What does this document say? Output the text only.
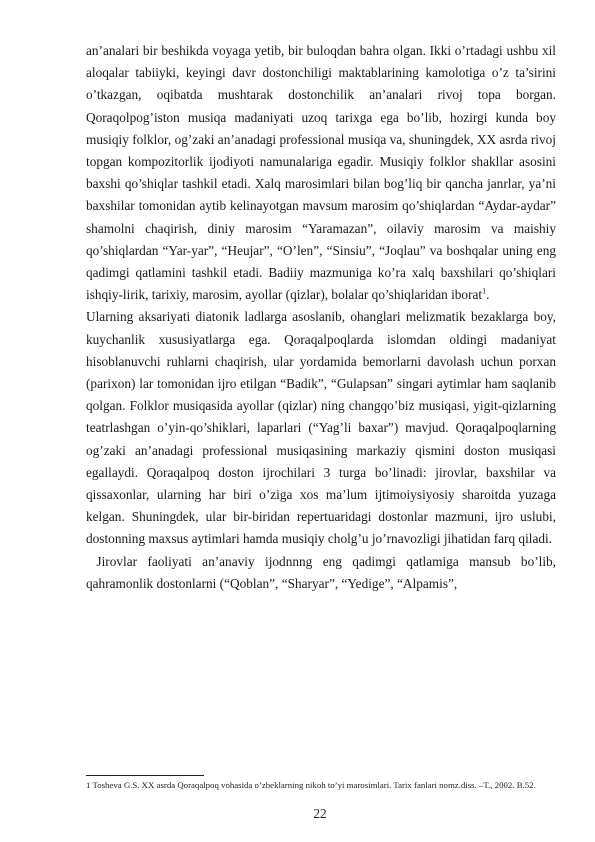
an’analari bir beshikda voyaga yetib, bir buloqdan bahra olgan. Ikki o’rtadagi ushbu xil aloqalar tabiiyki, keyingi davr dostonchiligi maktablarining kamolotiga o’z ta’sirini o’tkazgan, oqibatda mushtarak dostonchilik an’analari rivoj topa borgan. Qoraqolpog’iston musiqa madaniyati uzoq tarixga ega bo’lib, hozirgi kunda boy musiqiy folklor, og’zaki an’anadagi professional musiqa va, shuningdek, XX asrda rivoj topgan kompozitorlik ijodiyoti namunalariga egadir. Musiqiy folklor shakllar asosini baxshi qo’shiqlar tashkil etadi. Xalq marosimlari bilan bog’liq bir qancha janrlar, ya’ni baxshilar tomonidan aytib kelinayotgan mavsum marosim qo’shiqlardan “Aydar-aydar” shamolni chaqirish, diniy marosim “Yaramazan”, oilaviy marosim va maishiy qo’shiqlardan “Yar-yar”, “Heujar”, “O’len”, “Sinsiu”, “Joqlau” va boshqalar uning eng qadimgi qatlamini tashkil etadi. Badiiy mazmuniga ko’ra xalq baxshilari qo’shiqlari ishqiy-lirik, tarixiy, marosim, ayollar (qizlar), bolalar qo’shiqlaridan iborat$^1$.

Ularning aksariyati diatonik ladlarga asoslanib, ohanglari melizmatik bezaklarga boy, kuychanlik xususiyatlarga ega. Qoraqalpoqlarda islomdan oldingi madaniyat hisoblanuvchi ruhlarni chaqirish, ular yordamida bemorlarni davolash uchun porxan (parixon) lar tomonidan ijro etilgan “Badik”, “Gulapsan” singari aytimlar ham saqlanib qolgan. Folklor musiqasida ayollar (qizlar) ning changqo’biz musiqasi, yigit-qizlarning teatrlashgan o’yin-qo’shiklari, laparlari (“Yag’li baxar”) mavjud. Qoraqalpoqlarning og’zaki an’anadagi professional musiqasining markaziy qismini doston musiqasi egallaydi. Qoraqalpoq doston ijrochilari 3 turga bo’linadi: jirovlar, baxshilar va qissaxonlar, ularning har biri o’ziga xos ma’lum ijtimoiysiyosiy sharoitda yuzaga kelgan. Shuningdek, ular bir-biridan repertuaridagi dostonlar mazmuni, ijro uslubi, dostonning maxsus aytimlari hamda musiqiy cholg’u jo’rnavozligi jihatidan farq qiladi.

Jirovlar faoliyati an’anaviy ijodnnng eng qadimgi qatlamiga mansub bo’lib, qahramonlik dostonlarni (“Qoblan”, “Sharyar”, “Yedige”, “Alpamis”,

1 Tosheva G.S. XX asrda Qoraqalpoq vohasida o’zbeklarning nikoh to’yi marosimlari. Tarix fanlari nomz.diss. –T., 2002. B.52.
22
